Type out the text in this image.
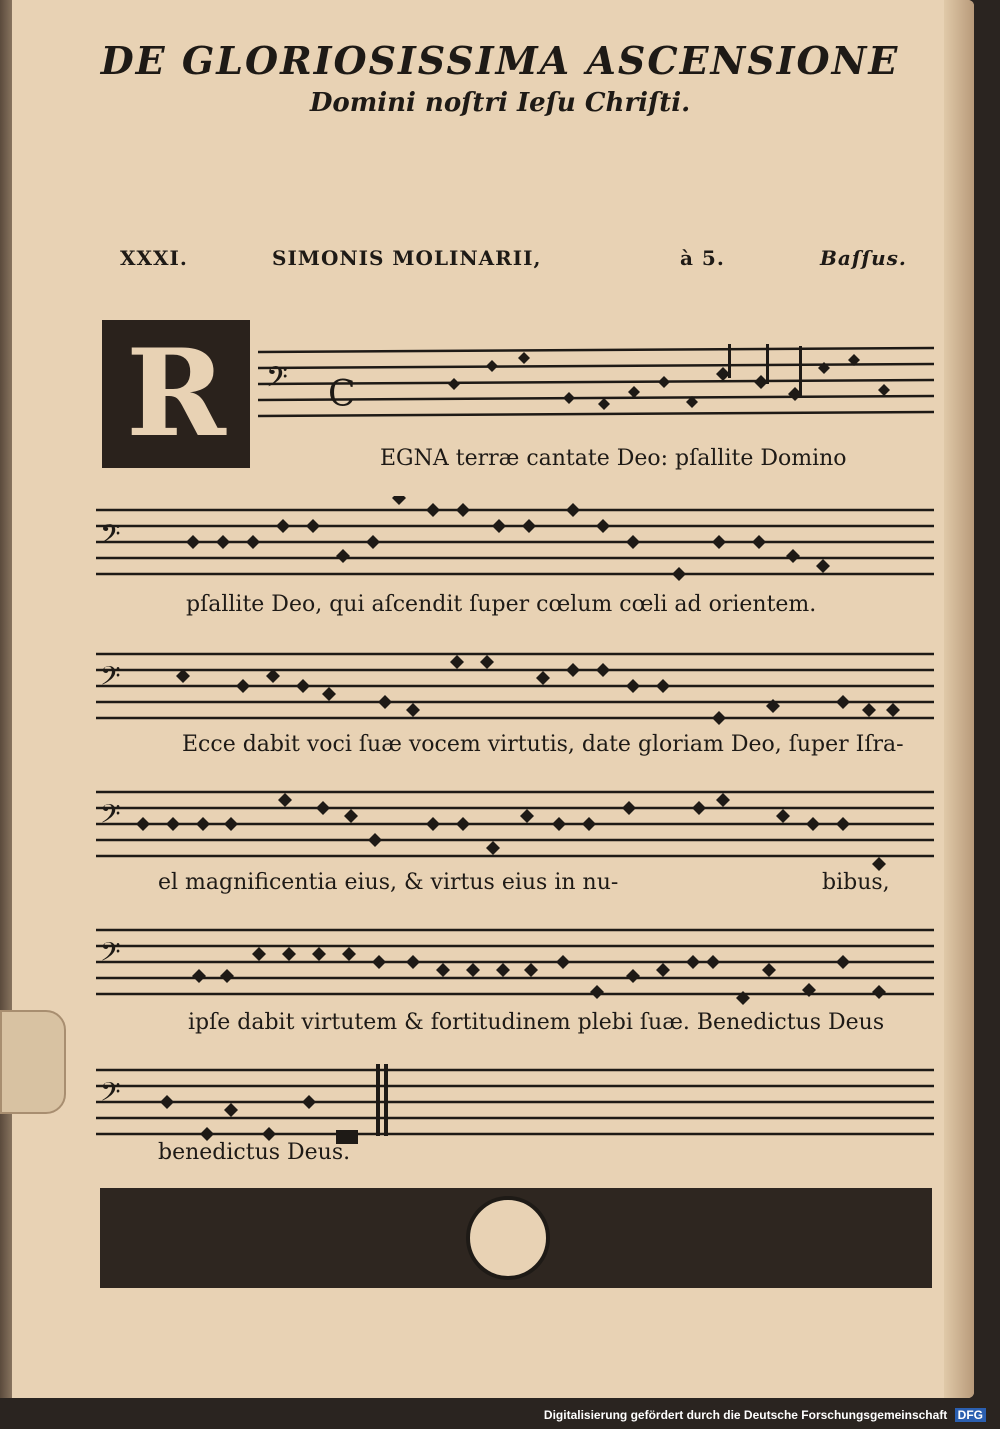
DE GLORIOSISSIMA ASCENSIONE
Domini noſtri Ieſu Chriſti.
XXXI.	SIMONIS MOLINARII,	à 5.	Baſſus.
R	𝄢 C
EGNA terræ cantate Deo: pſallite Domino
𝄢
pſallite Deo, qui aſcendit ſuper cœlum cœli ad orientem.
𝄢
Ecce dabit voci ſuæ vocem virtutis, date gloriam Deo, ſuper Iſra-
𝄢
el magnificentia eius, & virtus eius in nu-	bibus,
𝄢
ipſe dabit virtutem & fortitudinem plebi ſuæ. Benedictus Deus
𝄢
benedictus Deus.
Digitalisierung gefördert durch die Deutsche Forschungsgemeinschaft DFG
